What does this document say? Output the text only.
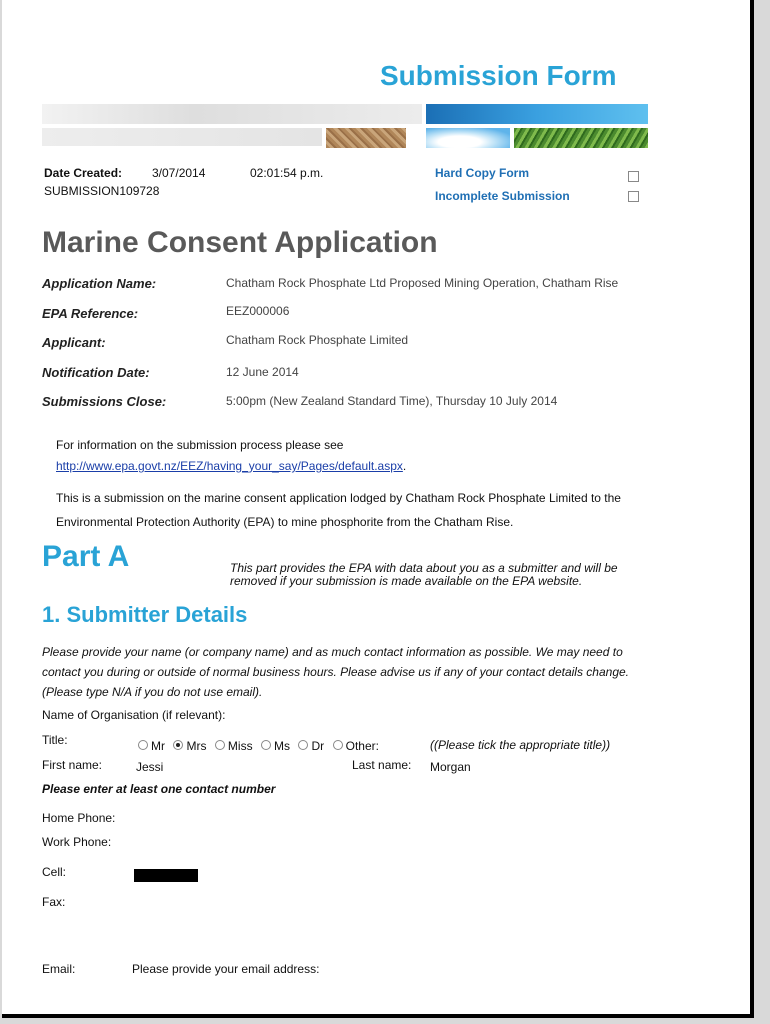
Submission Form
Date Created: 3/07/2014	02:01:54 p.m.
SUBMISSION109728
Hard Copy Form
Incomplete Submission
Marine Consent Application
Application Name:	Chatham Rock Phosphate Ltd Proposed Mining Operation, Chatham Rise
EPA Reference:	EEZ000006
Applicant:	Chatham Rock Phosphate Limited
Notification Date:	12 June 2014
Submissions Close:	5:00pm (New Zealand Standard Time), Thursday 10 July 2014
For information on the submission process please see
http://www.epa.govt.nz/EEZ/having_your_say/Pages/default.aspx.
This is a submission on the marine consent application lodged by Chatham Rock Phosphate Limited to the
Environmental Protection Authority (EPA) to mine phosphorite from the Chatham Rise.
Part A	This part provides the EPA with data about you as a submitter and will be removed if your submission is made available on the EPA website.
1. Submitter Details
Please provide your name (or company name) and as much contact information as possible. We may need to
contact you during or outside of normal business hours. Please advise us if any of your contact details change.
(Please type N/A if you do not use email).
Name of Organisation (if relevant):
Title:	Mr Mrs Miss Ms Dr Other:	((Please tick the appropriate title))
First name:	Jessi	Last name: Morgan
Please enter at least one contact number
Home Phone:
Work Phone:
Cell:
Fax:
Email:	Please provide your email address:
